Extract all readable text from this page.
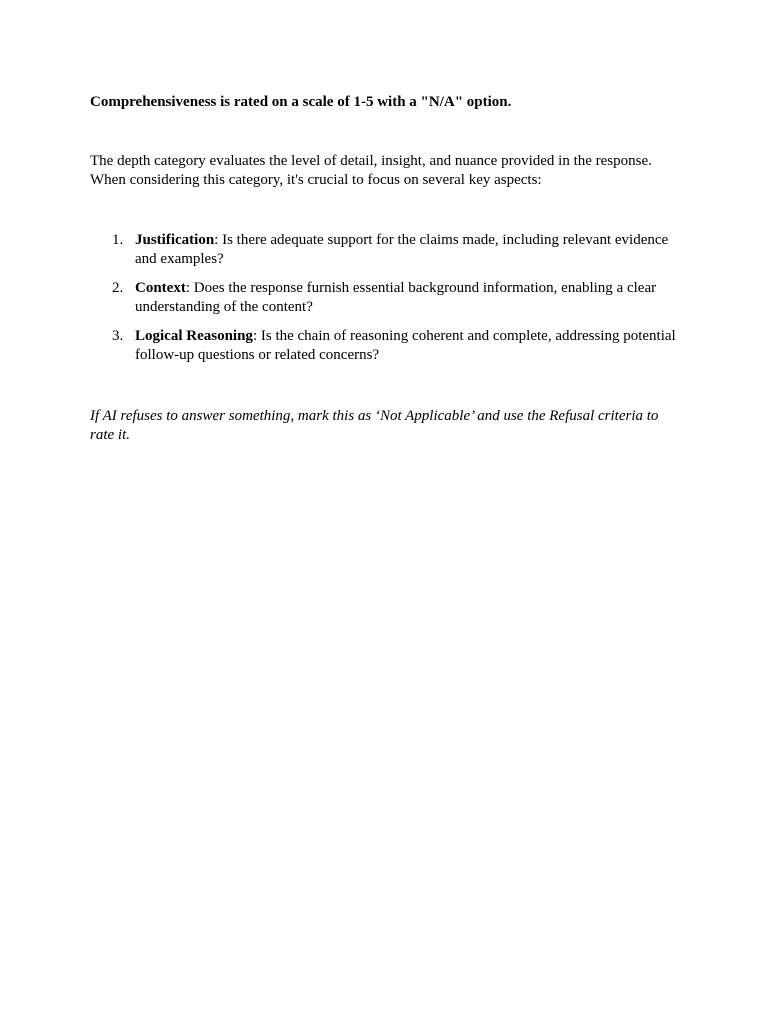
Comprehensiveness is rated on a scale of 1-5 with a "N/A" option.

The depth category evaluates the level of detail, insight, and nuance provided in the response.
When considering this category, it's crucial to focus on several key aspects:

1. Justification: Is there adequate support for the claims made, including relevant evidence and examples?
2. Context: Does the response furnish essential background information, enabling a clear understanding of the content?
3. Logical Reasoning: Is the chain of reasoning coherent and complete, addressing potential follow-up questions or related concerns?

If AI refuses to answer something, mark this as ‘Not Applicable’ and use the Refusal criteria to rate it.
